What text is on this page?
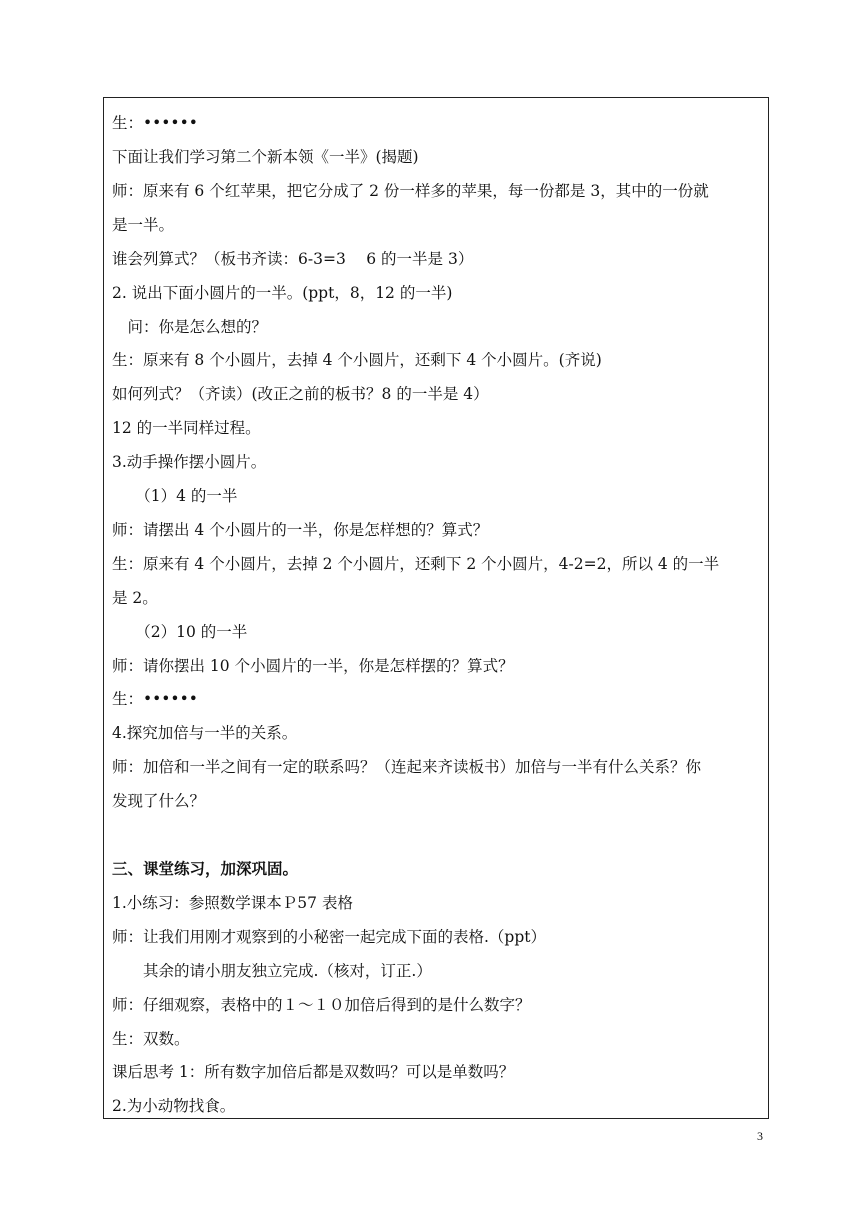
生：••••••
下面让我们学习第二个新本领《一半》(揭题)
师：原来有 6 个红苹果，把它分成了 2 份一样多的苹果，每一份都是 3，其中的一份就
是一半。
谁会列算式？（板书齐读：6-3=3　 6 的一半是 3）
2. 说出下面小圆片的一半。(ppt，8，12 的一半)
　问：你是怎么想的？
生：原来有 8 个小圆片，去掉 4 个小圆片，还剩下 4 个小圆片。(齐说)
如何列式？（齐读）(改正之前的板书？8 的一半是 4）
12 的一半同样过程。
3.动手操作摆小圆片。
　　（1）4 的一半
师：请摆出 4 个小圆片的一半，你是怎样想的？算式？
生：原来有 4 个小圆片，去掉 2 个小圆片，还剩下 2 个小圆片，4-2=2，所以 4 的一半
是 2。
　　（2）10 的一半
师：请你摆出 10 个小圆片的一半，你是怎样摆的？算式？
生：••••••
4.探究加倍与一半的关系。
师：加倍和一半之间有一定的联系吗？（连起来齐读板书）加倍与一半有什么关系？你
发现了什么？
三、课堂练习，加深巩固。
1.小练习：参照数学课本Ｐ57 表格
师：让我们用刚才观察到的小秘密一起完成下面的表格.（ppt）
　　其余的请小朋友独立完成.（核对，订正.）
师：仔细观察，表格中的１～１０加倍后得到的是什么数字？
生：双数。
课后思考 1：所有数字加倍后都是双数吗？可以是单数吗？
2.为小动物找食。
3
